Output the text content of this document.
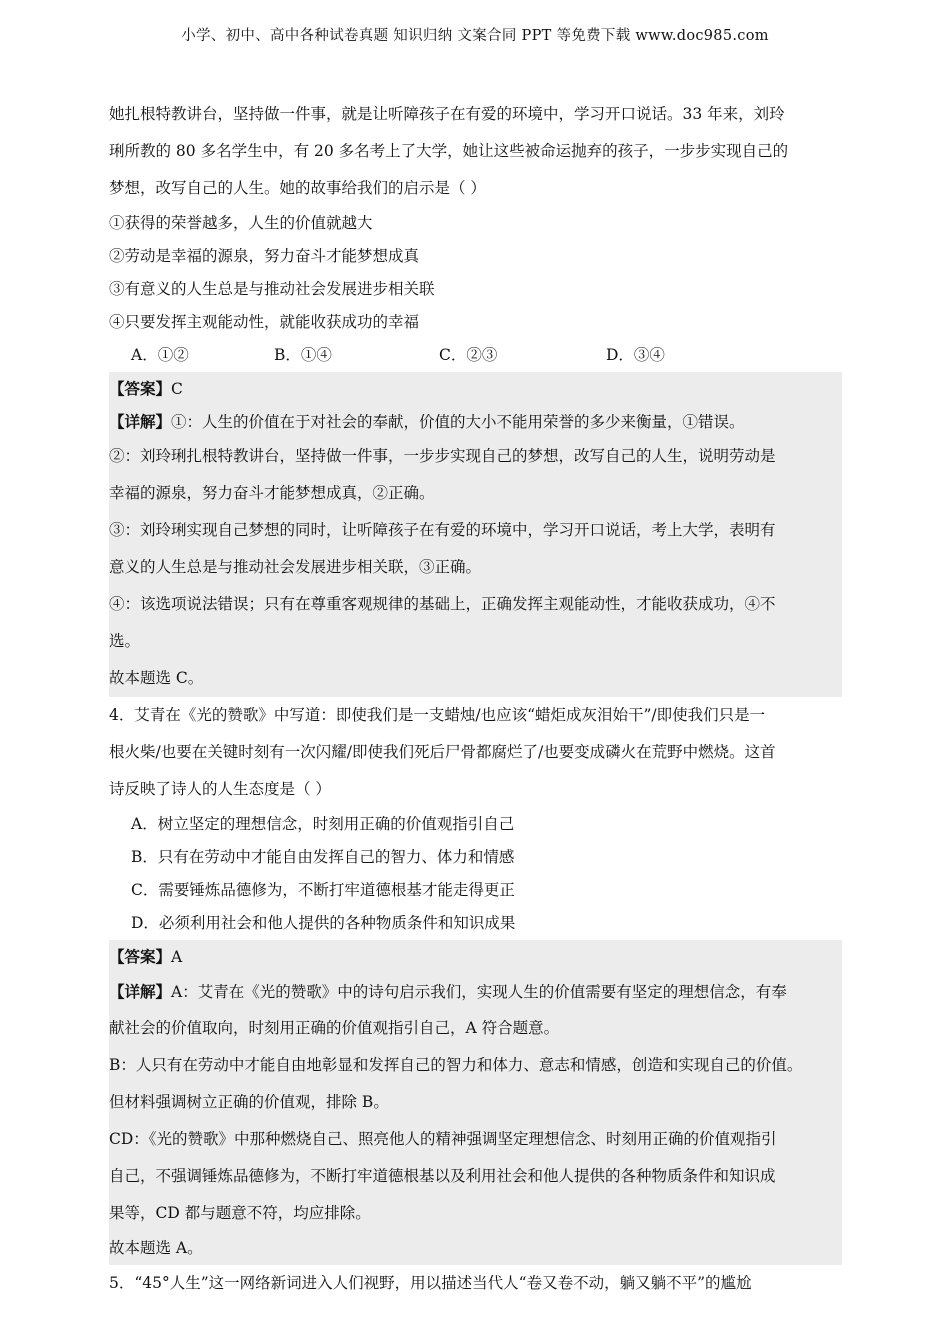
小学、初中、高中各种试卷真题 知识归纳 文案合同 PPT 等免费下载 www.doc985.com
她扎根特教讲台，坚持做一件事，就是让听障孩子在有爱的环境中，学习开口说话。33 年来，刘玲
琍所教的 80 多名学生中，有 20 多名考上了大学，她让这些被命运抛弃的孩子，一步步实现自己的
梦想，改写自己的人生。她的故事给我们的启示是（ ）
①获得的荣誉越多，人生的价值就越大
②劳动是幸福的源泉，努力奋斗才能梦想成真
③有意义的人生总是与推动社会发展进步相关联
④只要发挥主观能动性，就能收获成功的幸福
A．①②	B．①④	C．②③	D．③④
【答案】C
【详解】①：人生的价值在于对社会的奉献，价值的大小不能用荣誉的多少来衡量，①错误。
②：刘玲琍扎根特教讲台，坚持做一件事，一步步实现自己的梦想，改写自己的人生，说明劳动是
幸福的源泉，努力奋斗才能梦想成真，②正确。
③：刘玲琍实现自己梦想的同时，让听障孩子在有爱的环境中，学习开口说话，考上大学，表明有
意义的人生总是与推动社会发展进步相关联，③正确。
④：该选项说法错误；只有在尊重客观规律的基础上，正确发挥主观能动性，才能收获成功，④不
选。
故本题选 C。
4．艾青在《光的赞歌》中写道：即使我们是一支蜡烛/也应该“蜡炬成灰泪始干”/即使我们只是一
根火柴/也要在关键时刻有一次闪耀/即使我们死后尸骨都腐烂了/也要变成磷火在荒野中燃烧。这首
诗反映了诗人的人生态度是（ ）
A．树立坚定的理想信念，时刻用正确的价值观指引自己
B．只有在劳动中才能自由发挥自己的智力、体力和情感
C．需要锤炼品德修为，不断打牢道德根基才能走得更正
D．必须利用社会和他人提供的各种物质条件和知识成果
【答案】A
【详解】A：艾青在《光的赞歌》中的诗句启示我们，实现人生的价值需要有坚定的理想信念，有奉
献社会的价值取向，时刻用正确的价值观指引自己，A 符合题意。
B：人只有在劳动中才能自由地彰显和发挥自己的智力和体力、意志和情感，创造和实现自己的价值。
但材料强调树立正确的价值观，排除 B。
CD：《光的赞歌》中那种燃烧自己、照亮他人的精神强调坚定理想信念、时刻用正确的价值观指引
自己，不强调锤炼品德修为，不断打牢道德根基以及利用社会和他人提供的各种物质条件和知识成
果等，CD 都与题意不符，均应排除。
故本题选 A。
5．“45°人生”这一网络新词进入人们视野，用以描述当代人“卷又卷不动，躺又躺不平”的尴尬
